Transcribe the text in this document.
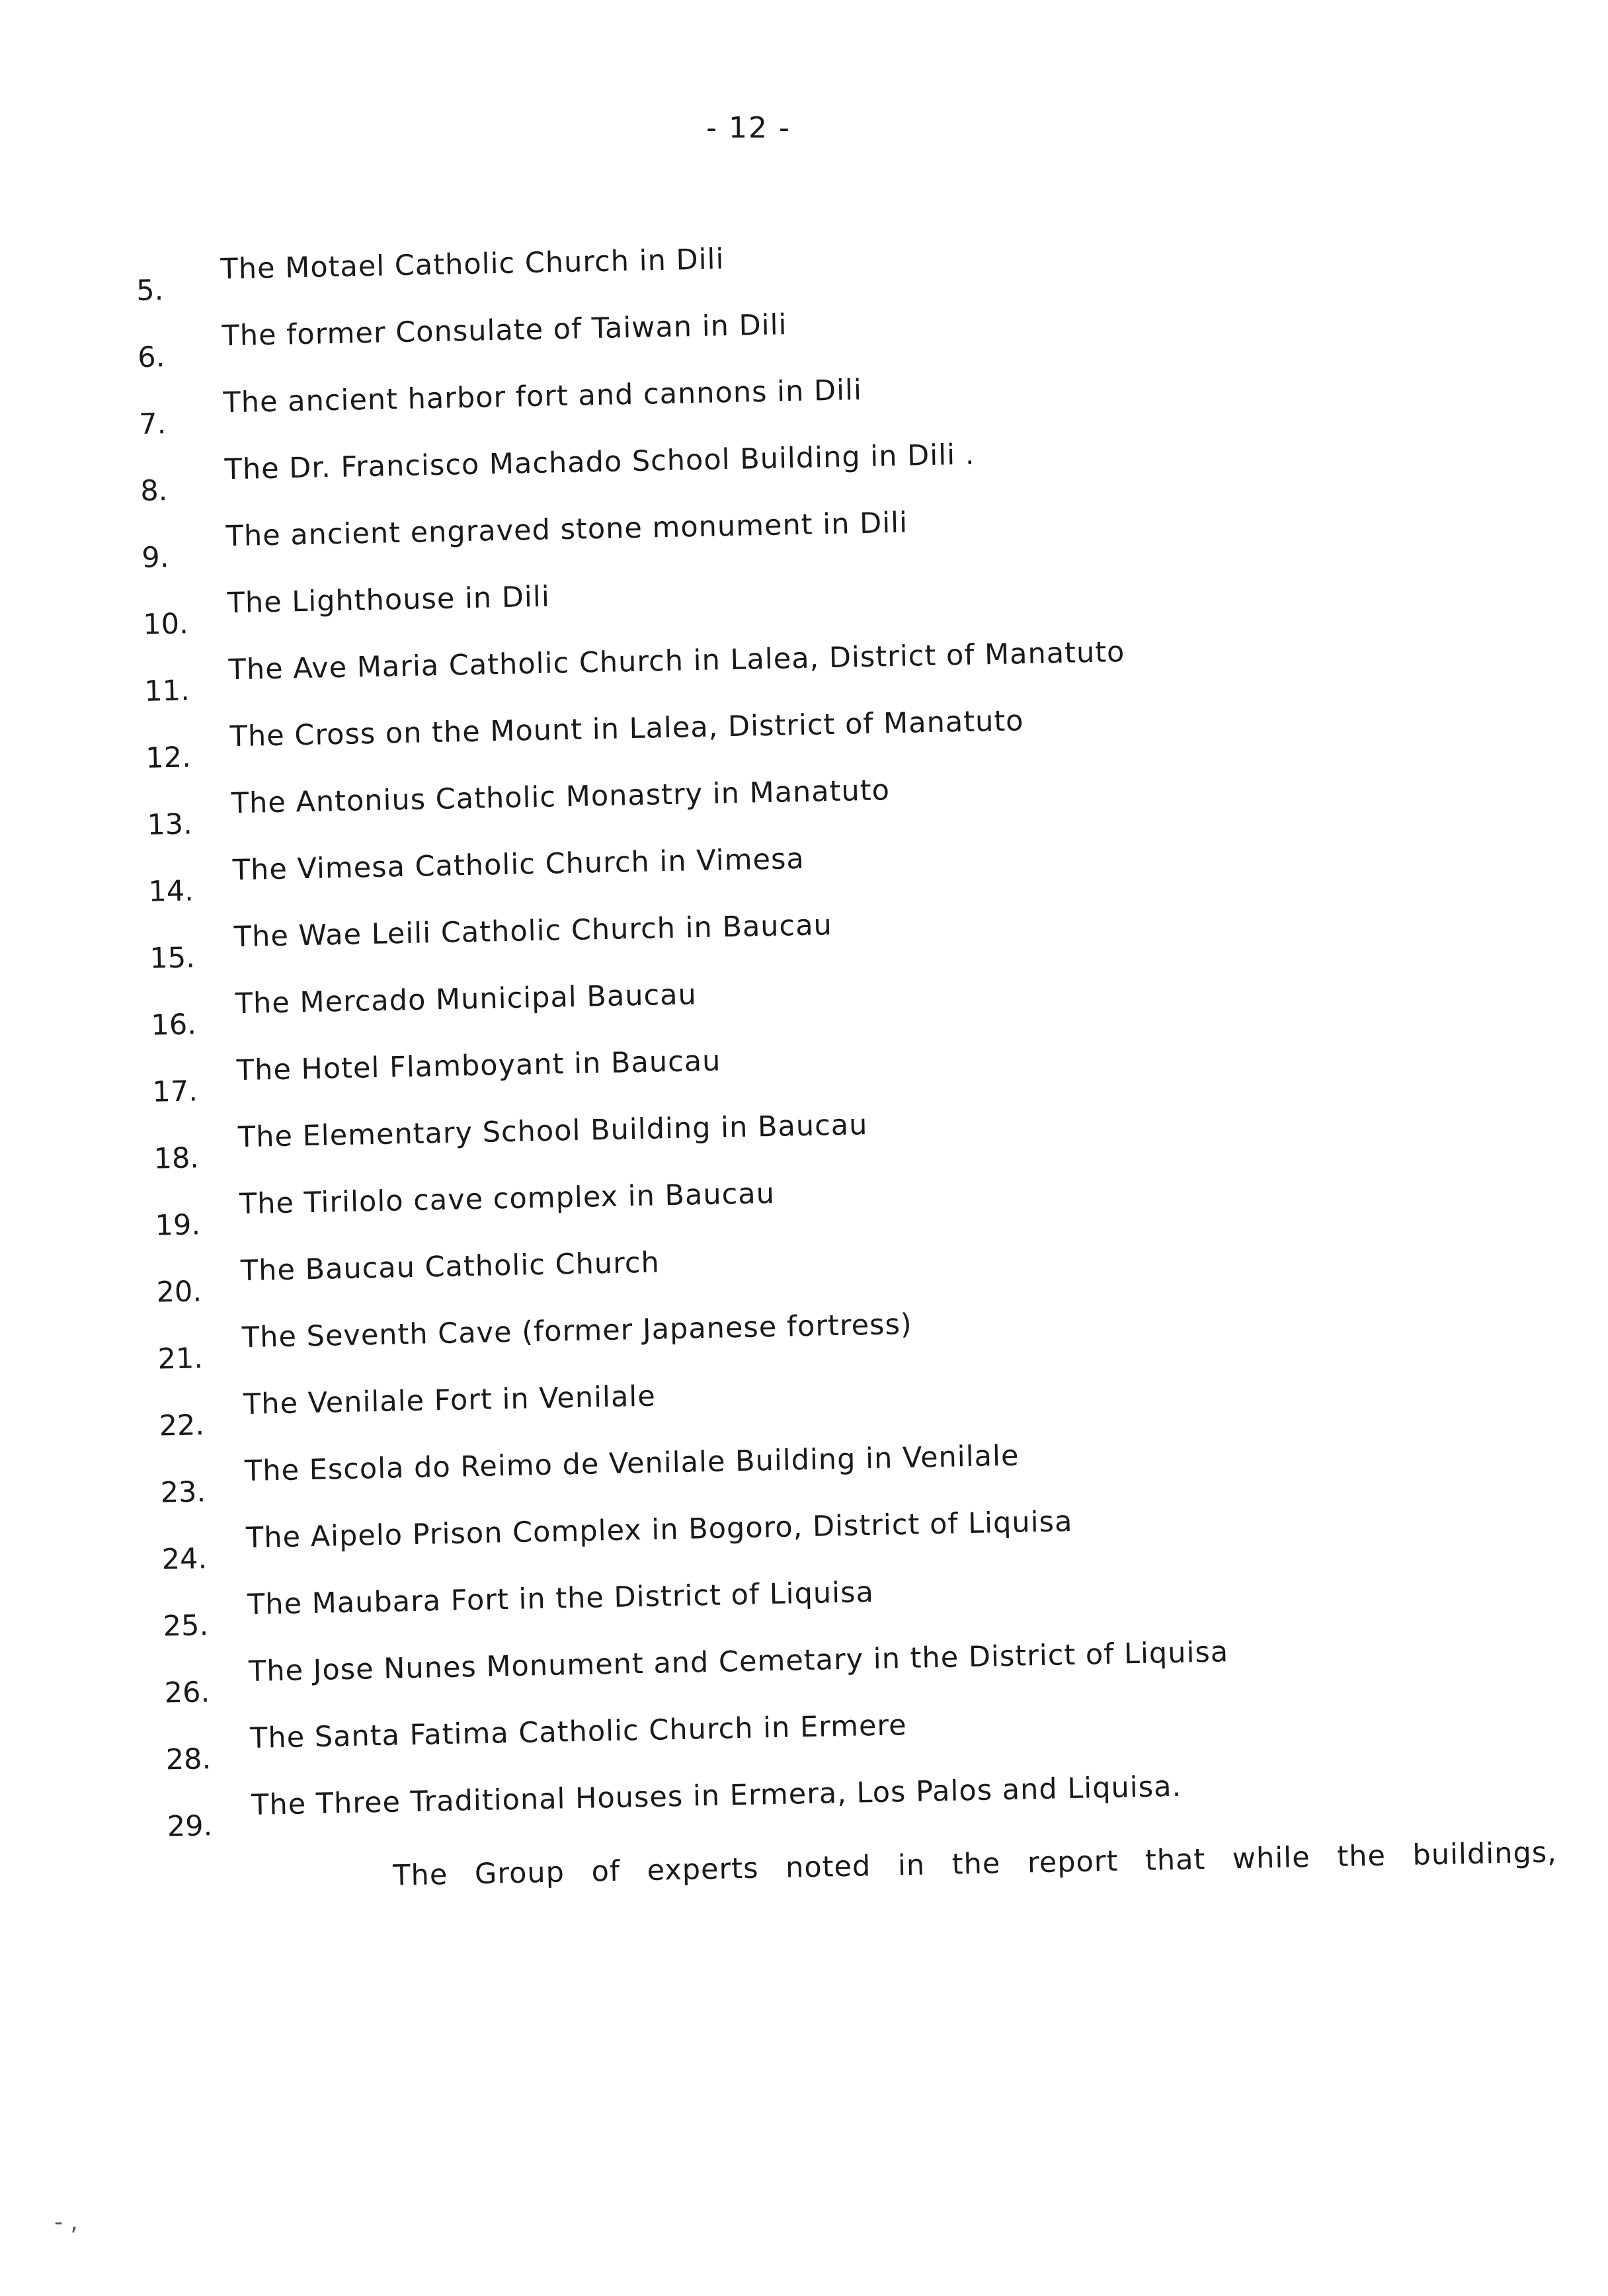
- 12 -
5.
The Motael Catholic Church in Dili
6.
The former Consulate of Taiwan in Dili
7.
The ancient harbor fort and cannons in Dili
8.
The Dr. Francisco Machado School Building in Dili .
9.
The ancient engraved stone monument in Dili
10.
The Lighthouse in Dili
11.
The Ave Maria Catholic Church in Lalea, District of Manatuto
12.
The Cross on the Mount in Lalea, District of Manatuto
13.
The Antonius Catholic Monastry in Manatuto
14.
The Vimesa Catholic Church in Vimesa
15.
The Wae Leili Catholic Church in Baucau
16.
The Mercado Municipal Baucau
17.
The Hotel Flamboyant in Baucau
18.
The Elementary School Building in Baucau
19.
The Tirilolo cave complex in Baucau
20.
The Baucau Catholic Church
21.
The Seventh Cave (former Japanese fortress)
22.
The Venilale Fort in Venilale
23.
The Escola do Reimo de Venilale Building in Venilale
24.
The Aipelo Prison Complex in Bogoro, District of Liquisa
25.
The Maubara Fort in the District of Liquisa
26.
The Jose Nunes Monument and Cemetary in the District of Liquisa
28.
The Santa Fatima Catholic Church in Ermere
29.
The Three Traditional Houses in Ermera, Los Palos and Liquisa.
The Group of experts noted in the report that while the buildings,
- ,
